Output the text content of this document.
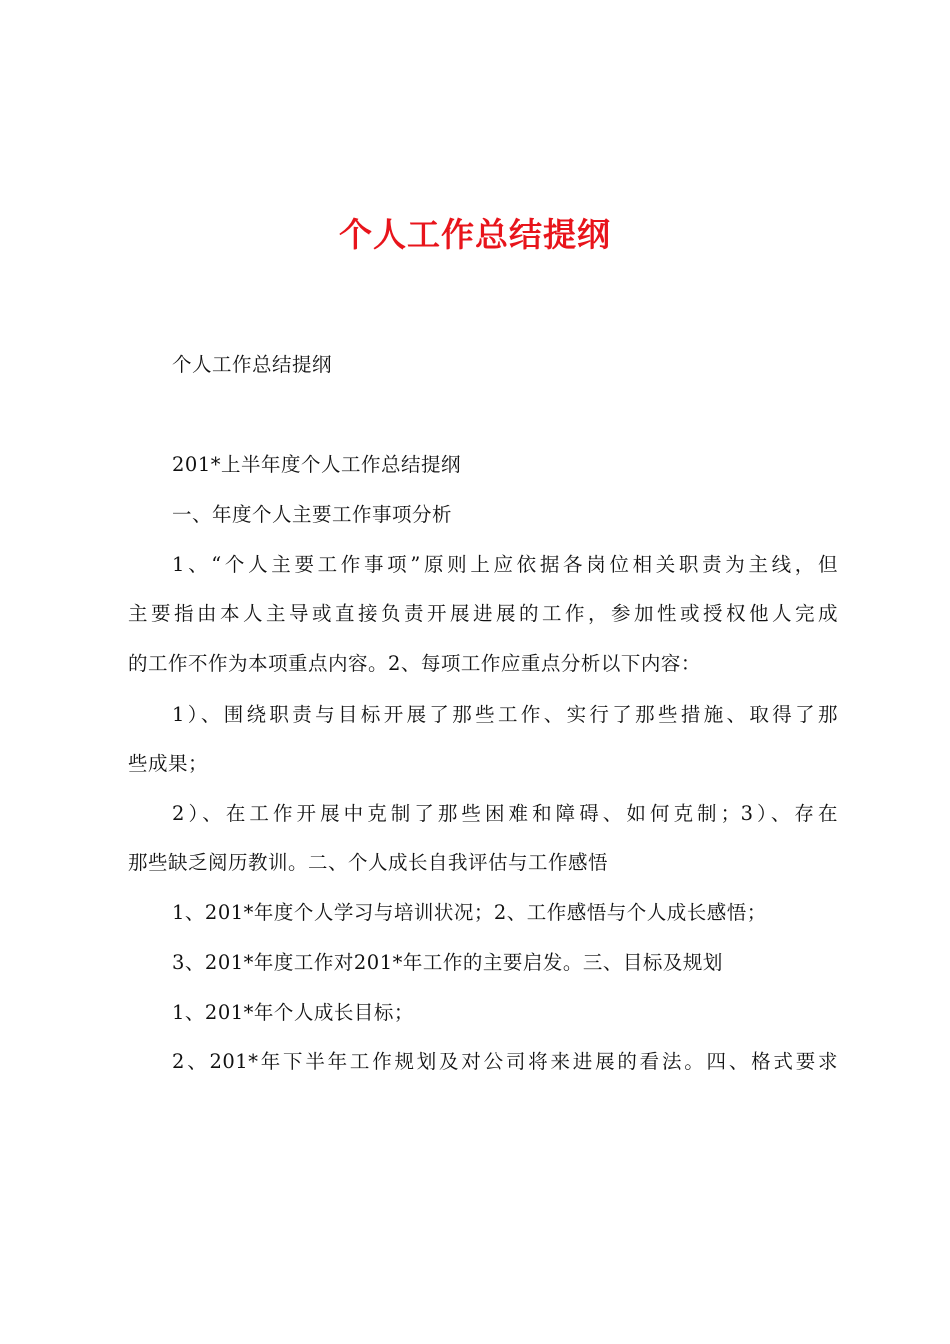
个人工作总结提纲
个人工作总结提纲
201*上半年度个人工作总结提纲
一、年度个人主要工作事项分析
1、“个人主要工作事项”原则上应依据各岗位相关职责为主线，但
主要指由本人主导或直接负责开展进展的工作，参加性或授权他人完成
的工作不作为本项重点内容。2、每项工作应重点分析以下内容：
1）、围绕职责与目标开展了那些工作、实行了那些措施、取得了那
些成果；
2）、在工作开展中克制了那些困难和障碍、如何克制；3）、存在
那些缺乏阅历教训。二、个人成长自我评估与工作感悟
1、201*年度个人学习与培训状况；2、工作感悟与个人成长感悟；
3、201*年度工作对201*年工作的主要启发。三、目标及规划
1、201*年个人成长目标；
2、201*年下半年工作规划及对公司将来进展的看法。四、格式要求
